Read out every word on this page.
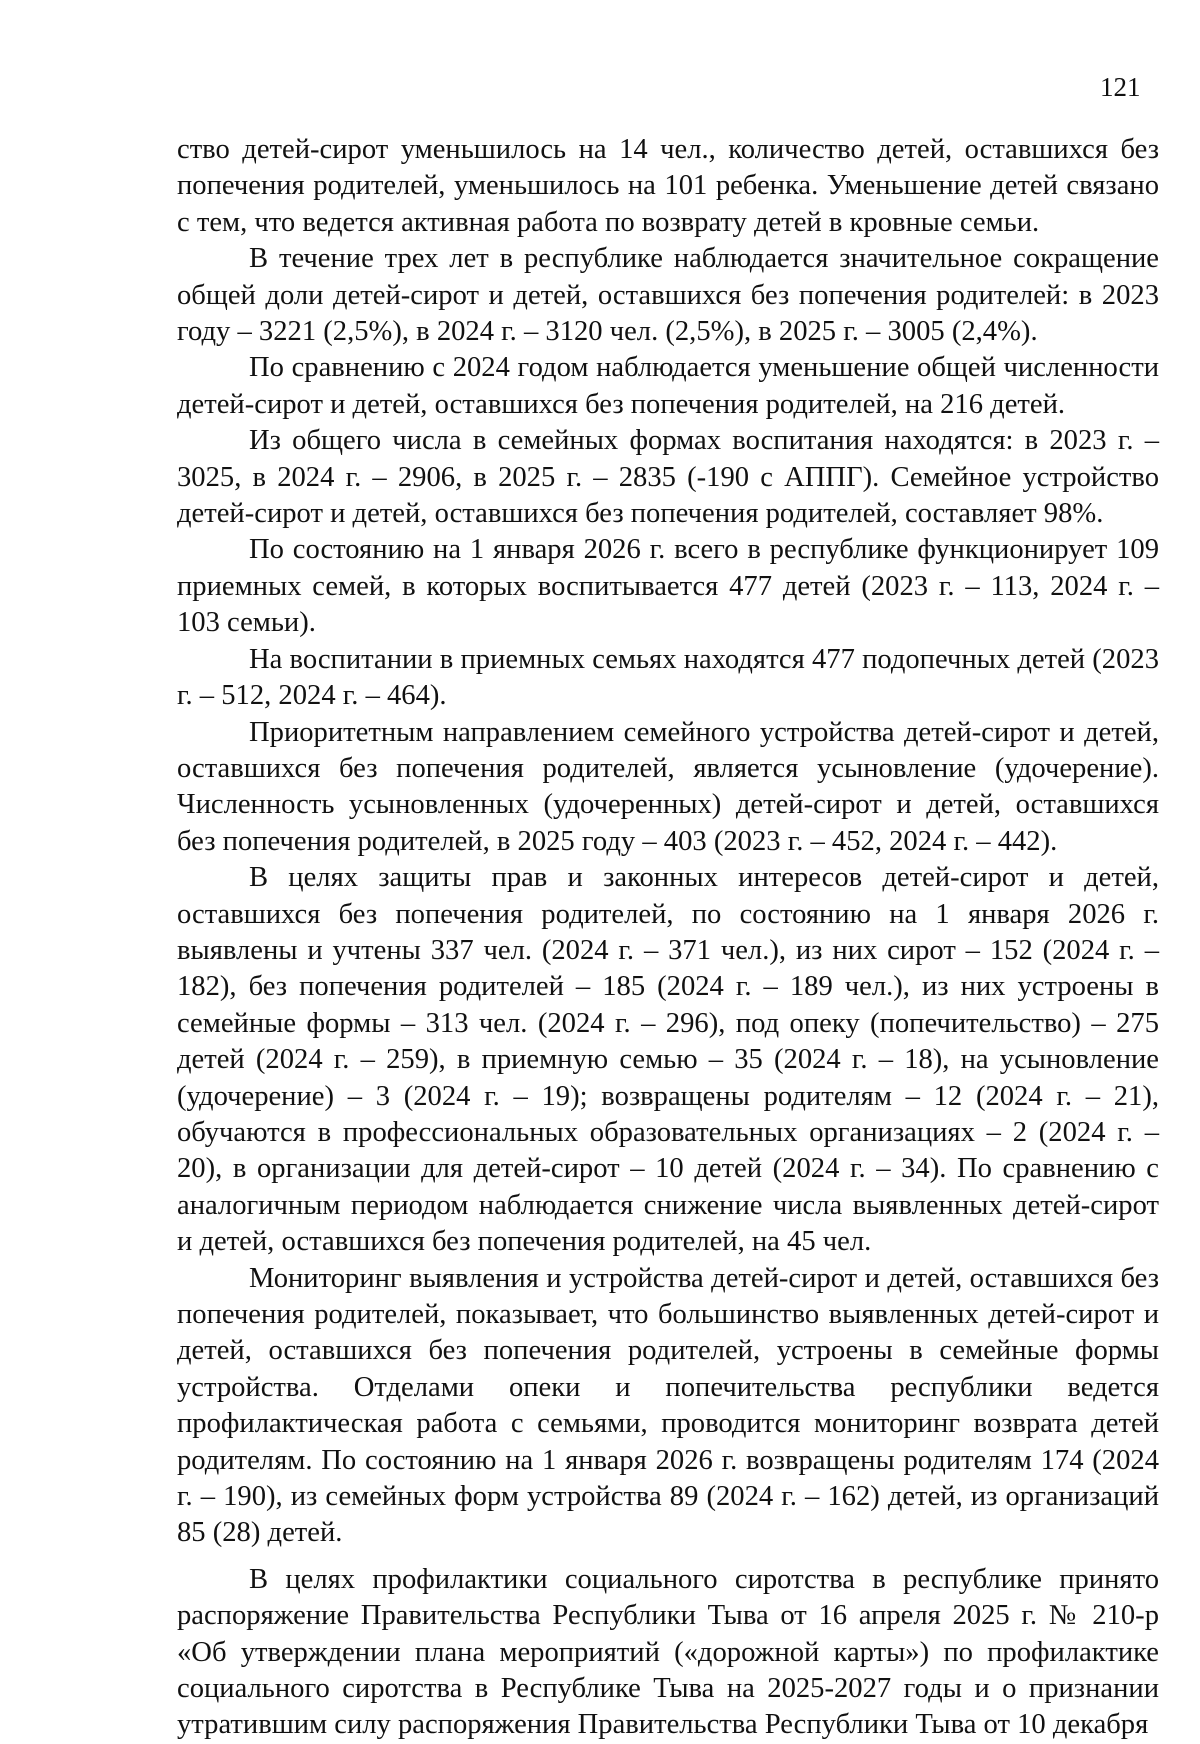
121

ство детей-сирот уменьшилось на 14 чел., количество детей, оставшихся без попечения родителей, уменьшилось на 101 ребенка. Уменьшение детей связано с тем, что ведется активная работа по возврату детей в кровные семьи.

В течение трех лет в республике наблюдается значительное сокращение общей доли детей-сирот и детей, оставшихся без попечения родителей: в 2023 году – 3221 (2,5%), в 2024 г. – 3120 чел. (2,5%), в 2025 г. – 3005 (2,4%).

По сравнению с 2024 годом наблюдается уменьшение общей численности детей-сирот и детей, оставшихся без попечения родителей, на 216 детей.

Из общего числа в семейных формах воспитания находятся: в 2023 г. – 3025, в 2024 г. – 2906, в 2025 г. – 2835 (-190 с АППГ). Семейное устройство детей-сирот и детей, оставшихся без попечения родителей, составляет 98%.

По состоянию на 1 января 2026 г. всего в республике функционирует 109 приемных семей, в которых воспитывается 477 детей (2023 г. – 113, 2024 г. – 103 семьи).

На воспитании в приемных семьях находятся 477 подопечных детей (2023 г. – 512, 2024 г. – 464).

Приоритетным направлением семейного устройства детей-сирот и детей, оставшихся без попечения родителей, является усыновление (удочерение). Численность усыновленных (удочеренных) детей-сирот и детей, оставшихся без попечения родителей, в 2025 году – 403 (2023 г. – 452, 2024 г. – 442).

В целях защиты прав и законных интересов детей-сирот и детей, оставшихся без попечения родителей, по состоянию на 1 января 2026 г. выявлены и учтены 337 чел. (2024 г. – 371 чел.), из них сирот – 152 (2024 г. – 182), без попечения родителей – 185 (2024 г. – 189 чел.), из них устроены в семейные формы – 313 чел. (2024 г. – 296), под опеку (попечительство) – 275 детей (2024 г. – 259), в приемную семью – 35 (2024 г. – 18), на усыновление (удочерение) – 3 (2024 г. – 19); возвращены родителям – 12 (2024 г. – 21), обучаются в профессиональных образовательных организациях – 2 (2024 г. – 20), в организации для детей-сирот – 10 детей (2024 г. – 34). По сравнению с аналогичным периодом наблюдается снижение числа выявленных детей-сирот и детей, оставшихся без попечения родителей, на 45 чел.

Мониторинг выявления и устройства детей-сирот и детей, оставшихся без попечения родителей, показывает, что большинство выявленных детей-сирот и детей, оставшихся без попечения родителей, устроены в семейные формы устройства. Отделами опеки и попечительства республики ведется профилактическая работа с семьями, проводится мониторинг возврата детей родителям. По состоянию на 1 января 2026 г. возвращены родителям 174 (2024 г. – 190), из семейных форм устройства 89 (2024 г. – 162) детей, из организаций 85 (28) детей.

В целях профилактики социального сиротства в республике принято распоряжение Правительства Республики Тыва от 16 апреля 2025 г. № 210-р «Об утверждении плана мероприятий («дорожной карты») по профилактике социального сиротства в Республике Тыва на 2025-2027 годы и о признании утратившим силу распоряжения Правительства Республики Тыва от 10 декабря
